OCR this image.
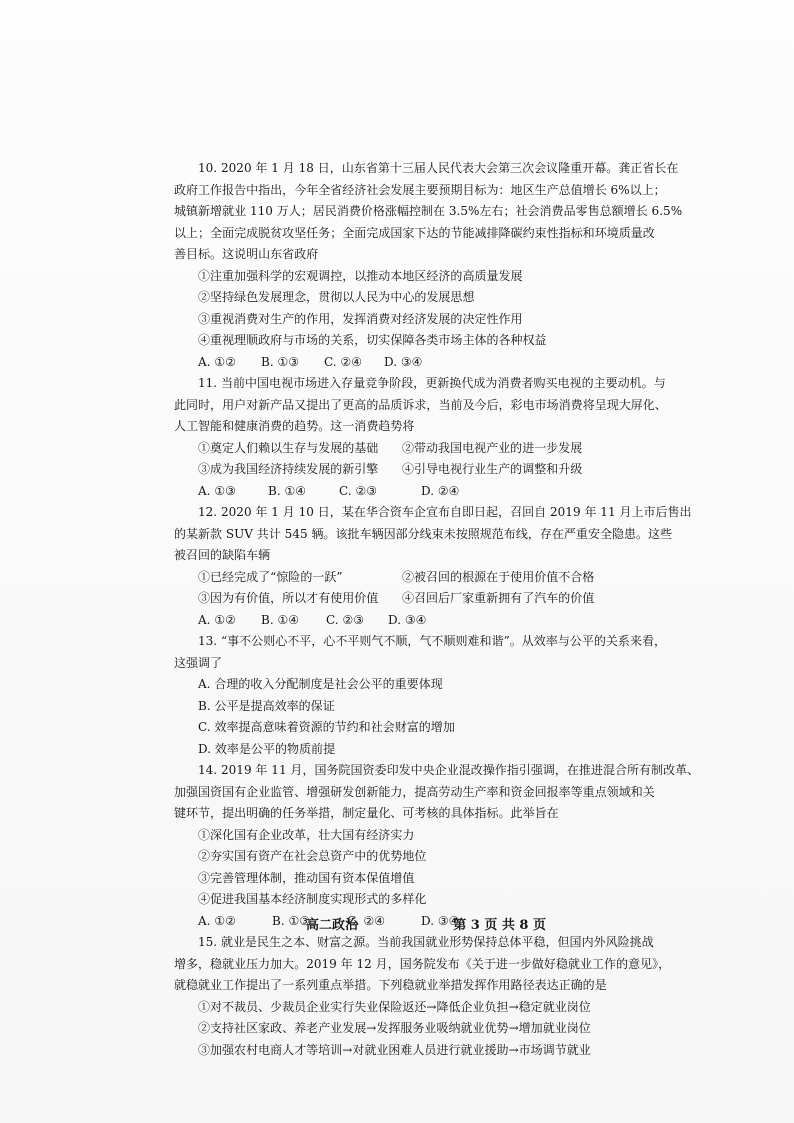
10. 2020 年 1 月 18 日，山东省第十三届人民代表大会第三次会议隆重开幕。龚正省长在
政府工作报告中指出，今年全省经济社会发展主要预期目标为：地区生产总值增长 6%以上；
城镇新增就业 110 万人；居民消费价格涨幅控制在 3.5%左右；社会消费品零售总额增长 6.5%
以上；全面完成脱贫攻坚任务；全面完成国家下达的节能减排降碳约束性指标和环境质量改
善目标。这说明山东省政府
①注重加强科学的宏观调控，以推动本地区经济的高质量发展
②坚持绿色发展理念，贯彻以人民为中心的发展思想
③重视消费对生产的作用，发挥消费对经济发展的决定性作用
④重视理顺政府与市场的关系，切实保障各类市场主体的各种权益
A. ①②	B. ①③	C. ②④	D. ③④
11. 当前中国电视市场进入存量竞争阶段，更新换代成为消费者购买电视的主要动机。与
此同时，用户对新产品又提出了更高的品质诉求，当前及今后，彩电市场消费将呈现大屏化、
人工智能和健康消费的趋势。这一消费趋势将
①奠定人们赖以生存与发展的基础	②带动我国电视产业的进一步发展
③成为我国经济持续发展的新引擎	④引导电视行业生产的调整和升级
A. ①③	B. ①④	C. ②③	D. ②④
12. 2020 年 1 月 10 日，某在华合资车企宣布自即日起，召回自 2019 年 11 月上市后售出
的某新款 SUV 共计 545 辆。该批车辆因部分线束未按照规范布线，存在严重安全隐患。这些
被召回的缺陷车辆
①已经完成了“惊险的一跃”	②被召回的根源在于使用价值不合格
③因为有价值，所以才有使用价值	④召回后厂家重新拥有了汽车的价值
A. ①②	B. ①④	C. ②③	D. ③④
13. “事不公则心不平，心不平则气不顺，气不顺则难和谐”。从效率与公平的关系来看，
这强调了
A. 合理的收入分配制度是社会公平的重要体现
B. 公平是提高效率的保证
C. 效率提高意味着资源的节约和社会财富的增加
D. 效率是公平的物质前提
14. 2019 年 11 月，国务院国资委印发中央企业混改操作指引强调，在推进混合所有制改革、
加强国资国有企业监管、增强研发创新能力，提高劳动生产率和资金回报率等重点领域和关
键环节，提出明确的任务举措，制定量化、可考核的具体指标。此举旨在
①深化国有企业改革，壮大国有经济实力
②夯实国有资产在社会总资产中的优势地位
③完善管理体制，推动国有资本保值增值
④促进我国基本经济制度实现形式的多样化
A. ①②	B. ①③	C. ②④	D. ③④
15. 就业是民生之本、财富之源。当前我国就业形势保持总体平稳，但国内外风险挑战
增多，稳就业压力加大。2019 年 12 月，国务院发布《关于进一步做好稳就业工作的意见》，
就稳就业工作提出了一系列重点举措。下列稳就业举措发挥作用路径表达正确的是
①对不裁员、少裁员企业实行失业保险返还→降低企业负担→稳定就业岗位
②支持社区家政、养老产业发展→发挥服务业吸纳就业优势→增加就业岗位
③加强农村电商人才等培训→对就业困难人员进行就业援助→市场调节就业
高二政治	第 3 页 共 8 页
